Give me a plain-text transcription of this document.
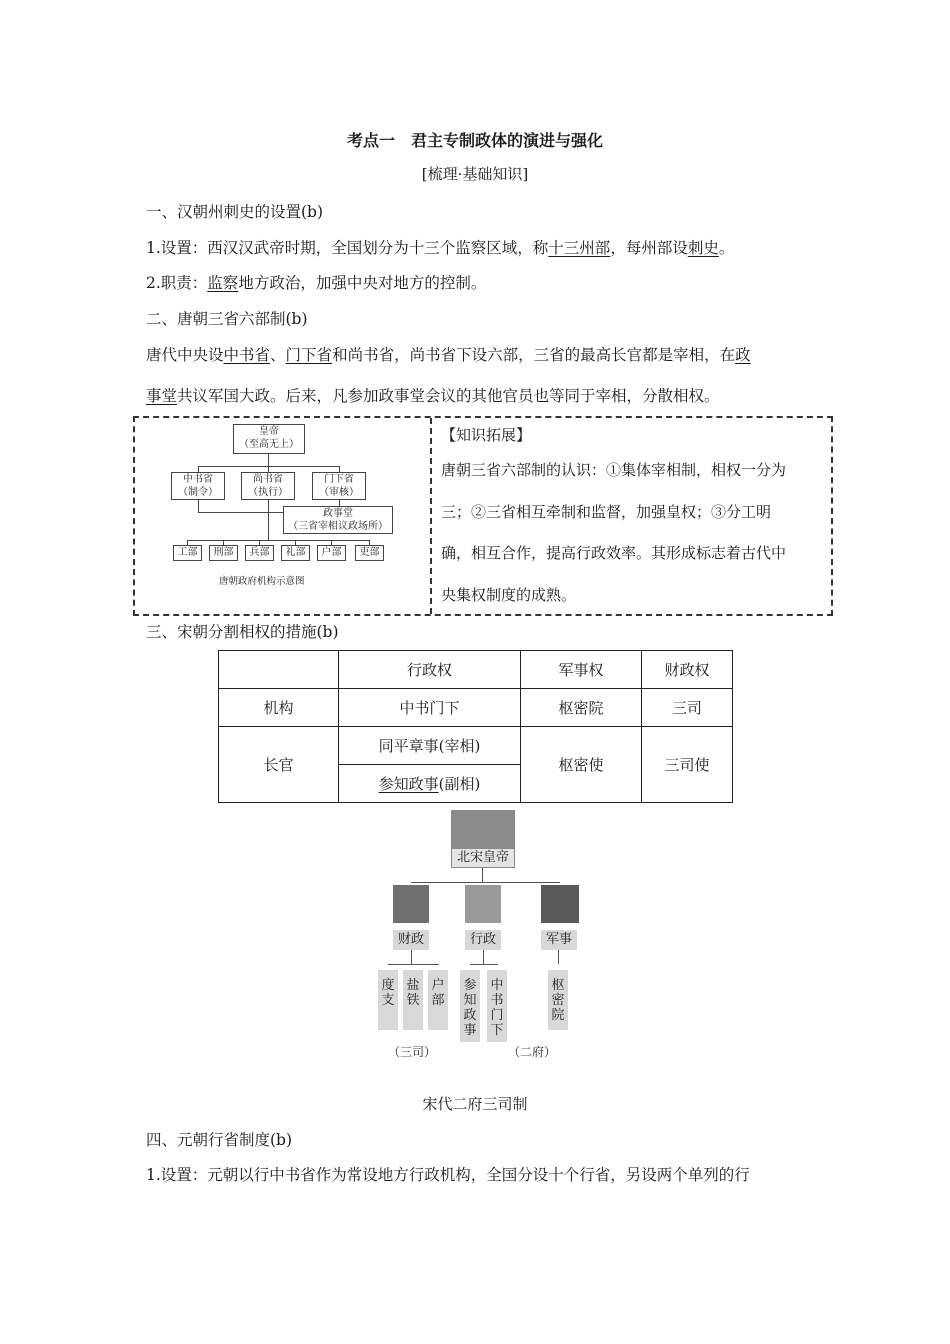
考点一　君主专制政体的演进与强化
[梳理·基础知识]
一、汉朝州刺史的设置(b)
1.设置：西汉汉武帝时期，全国划分为十三个监察区域，称十三州部，每州部设刺史。
2.职责：监察地方政治，加强中央对地方的控制。
二、唐朝三省六部制(b)
唐代中央设中书省、门下省和尚书省，尚书省下设六部，三省的最高长官都是宰相，在政
事堂共议军国大政。后来，凡参加政事堂会议的其他官员也等同于宰相，分散相权。
皇帝
（至高无上）
中书省
（制令）
尚书省
（执行）
门下省
（审核）
政事堂
（三省宰相议政场所）
工部	刑部	兵部	礼部	户部	吏部
唐朝政府机构示意图
【知识拓展】
唐朝三省六部制的认识：①集体宰相制，相权一分为
三；②三省相互牵制和监督，加强皇权；③分工明
确，相互合作，提高行政效率。其形成标志着古代中
央集权制度的成熟。
三、宋朝分割相权的措施(b)
	行政权	军事权	财政权
机构	中书门下	枢密院	三司
长官	同平章事(宰相)	枢密使	三司使
	参知政事(副相)		
北宋皇帝
财政	行政	军事
度支
盐铁
户部
参知政事
中书门下
枢密院
（三司）	（二府）
宋代二府三司制
四、元朝行省制度(b)
1.设置：元朝以行中书省作为常设地方行政机构，全国分设十个行省，另设两个单列的行
